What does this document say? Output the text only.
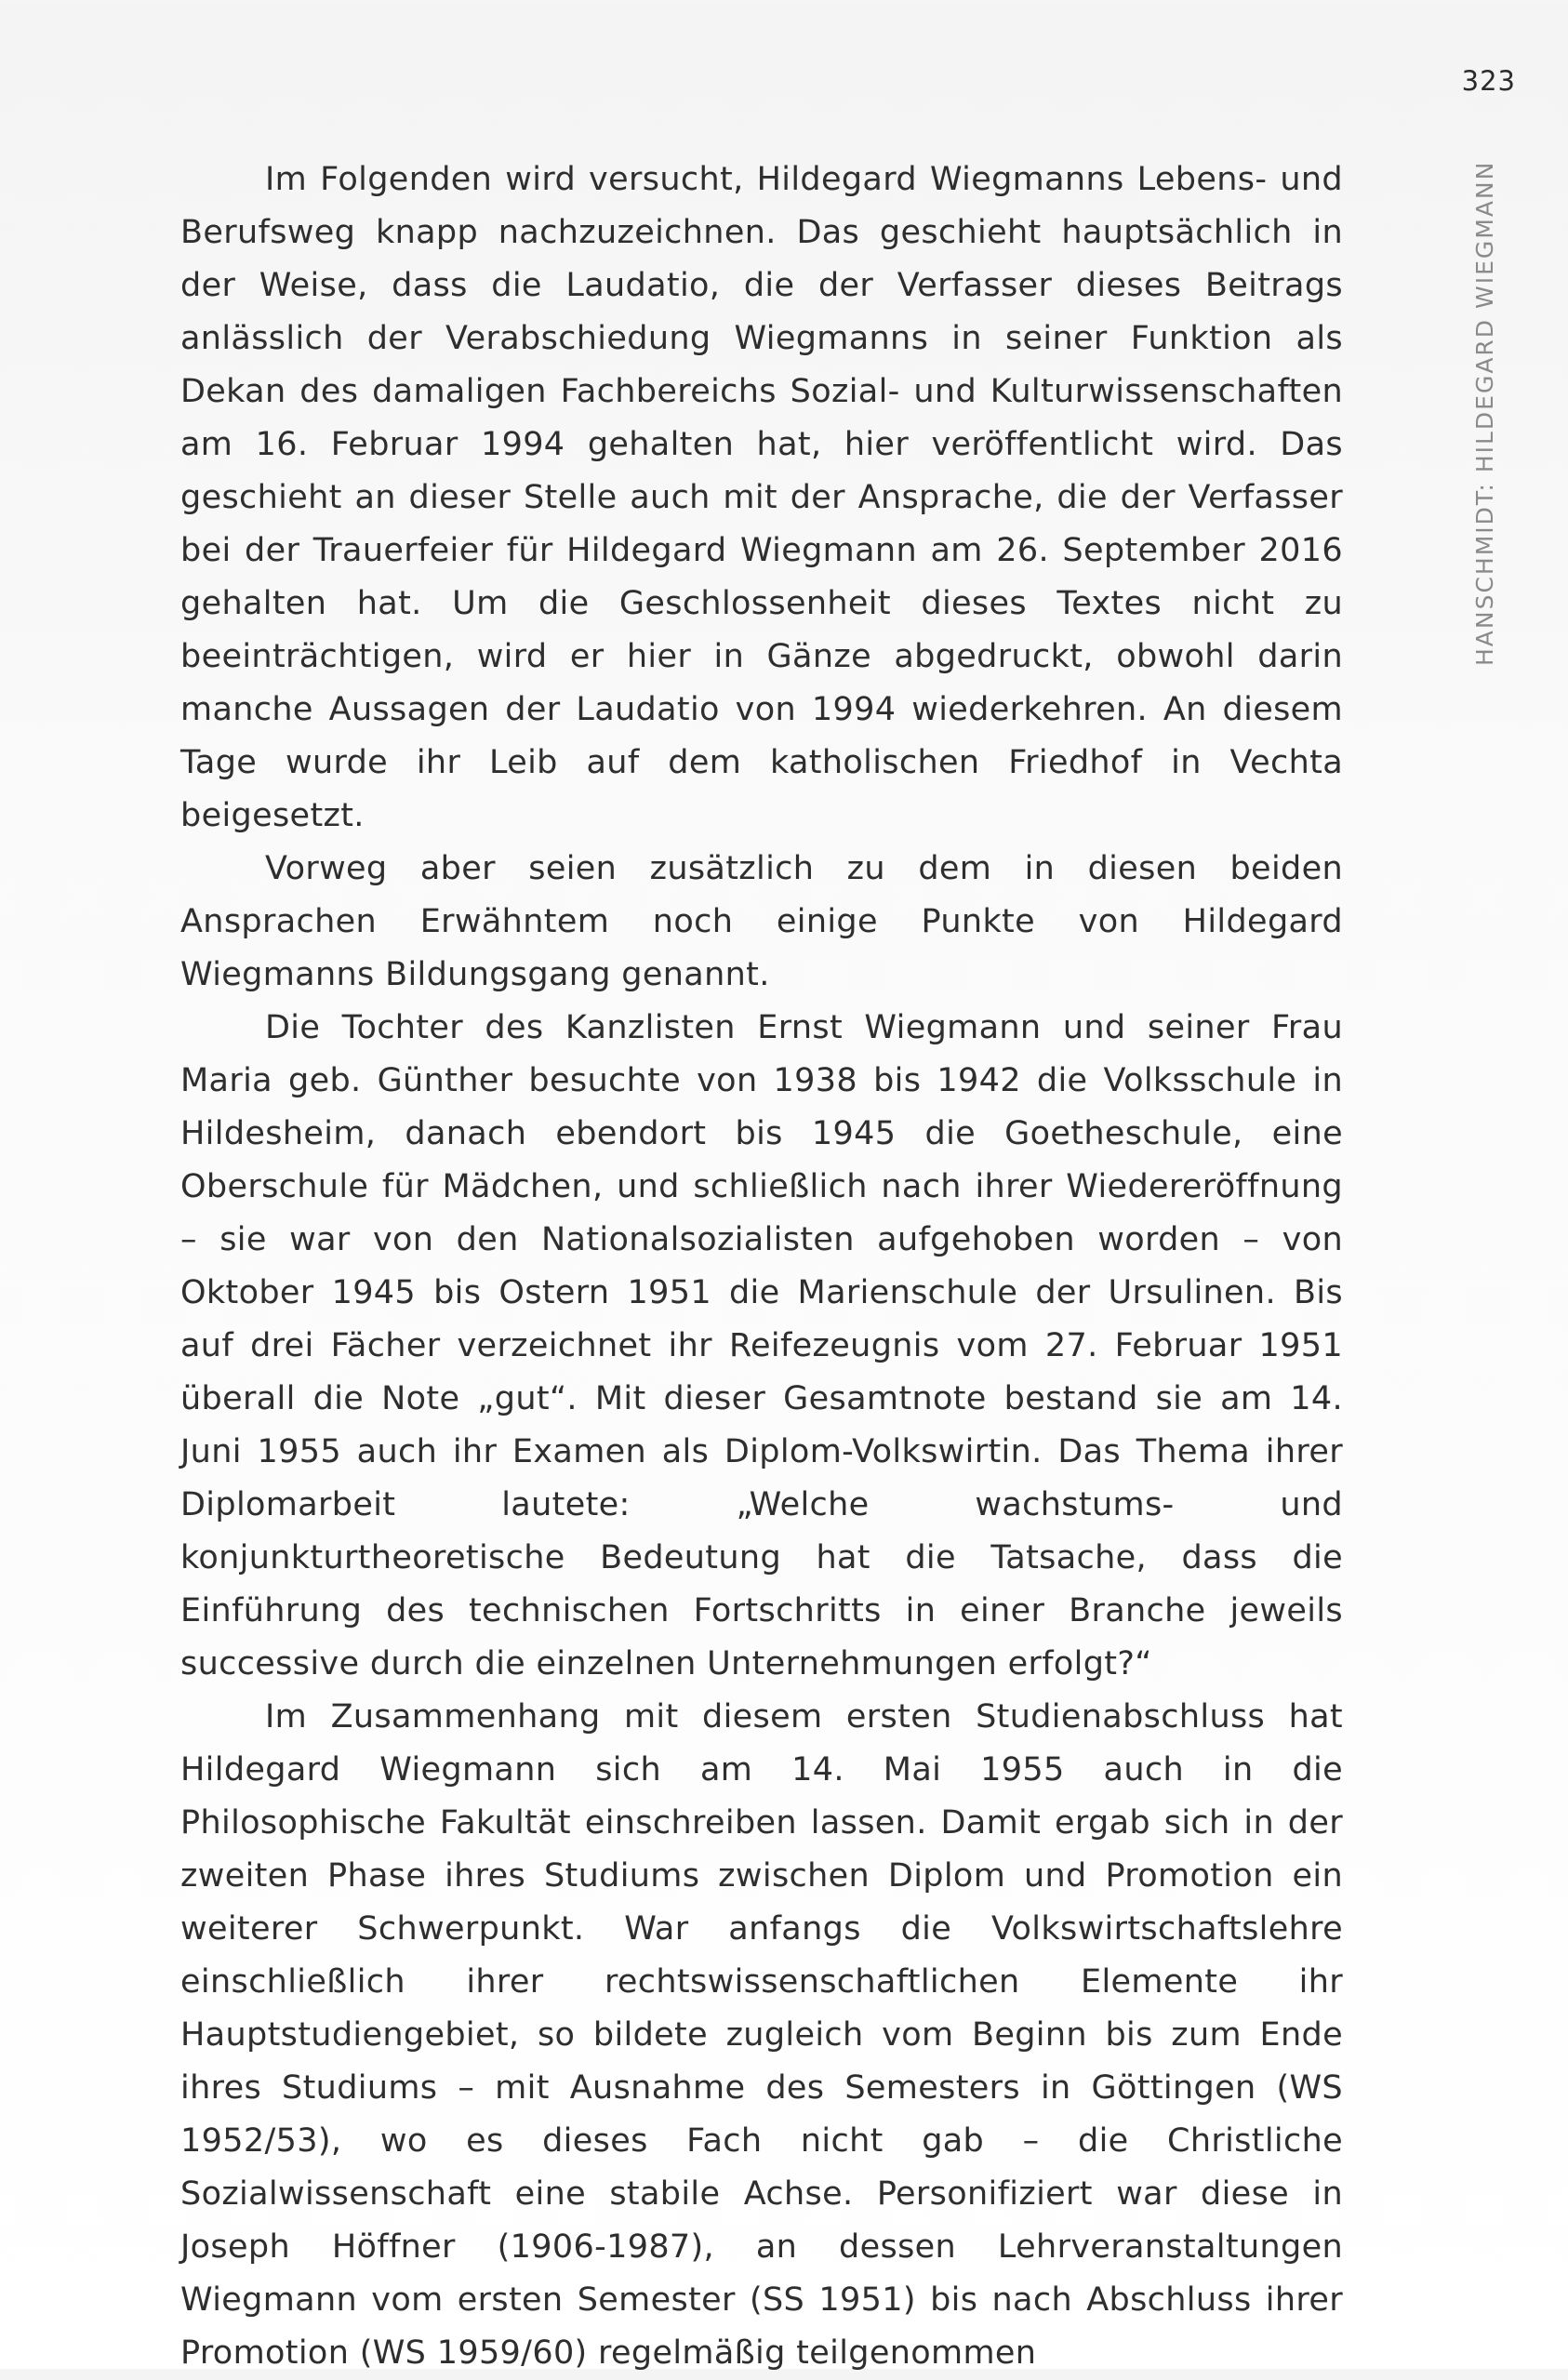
323
HANSCHMIDT: HILDEGARD WIEGMANN

Im Folgenden wird versucht, Hildegard Wiegmanns Lebens- und Berufsweg knapp nachzuzeichnen. Das geschieht hauptsächlich in der Weise, dass die Laudatio, die der Verfasser dieses Beitrags anlässlich der Verabschiedung Wiegmanns in seiner Funktion als Dekan des damaligen Fachbereichs Sozial- und Kulturwissenschaften am 16. Februar 1994 gehalten hat, hier veröffentlicht wird. Das geschieht an dieser Stelle auch mit der Ansprache, die der Verfasser bei der Trauerfeier für Hildegard Wiegmann am 26. September 2016 gehalten hat. Um die Geschlossenheit dieses Textes nicht zu beeinträchtigen, wird er hier in Gänze abgedruckt, obwohl darin manche Aussagen der Laudatio von 1994 wiederkehren. An diesem Tage wurde ihr Leib auf dem katholischen Friedhof in Vechta beigesetzt.

Vorweg aber seien zusätzlich zu dem in diesen beiden Ansprachen Erwähntem noch einige Punkte von Hildegard Wiegmanns Bildungsgang genannt.

Die Tochter des Kanzlisten Ernst Wiegmann und seiner Frau Maria geb. Günther besuchte von 1938 bis 1942 die Volksschule in Hildesheim, danach ebendort bis 1945 die Goetheschule, eine Oberschule für Mädchen, und schließlich nach ihrer Wiedereröffnung – sie war von den Nationalsozialisten aufgehoben worden – von Oktober 1945 bis Ostern 1951 die Marienschule der Ursulinen. Bis auf drei Fächer verzeichnet ihr Reifezeugnis vom 27. Februar 1951 überall die Note „gut“. Mit dieser Gesamtnote bestand sie am 14. Juni 1955 auch ihr Examen als Diplom-Volkswirtin. Das Thema ihrer Diplomarbeit lautete: „Welche wachstums- und konjunkturtheoretische Bedeutung hat die Tatsache, dass die Einführung des technischen Fortschritts in einer Branche jeweils successive durch die einzelnen Unternehmungen erfolgt?“

Im Zusammenhang mit diesem ersten Studienabschluss hat Hildegard Wiegmann sich am 14. Mai 1955 auch in die Philosophische Fakultät einschreiben lassen. Damit ergab sich in der zweiten Phase ihres Studiums zwischen Diplom und Promotion ein weiterer Schwerpunkt. War anfangs die Volkswirtschaftslehre einschließlich ihrer rechtswissenschaftlichen Elemente ihr Hauptstudiengebiet, so bildete zugleich vom Beginn bis zum Ende ihres Studiums – mit Ausnahme des Semesters in Göttingen (WS 1952/53), wo es dieses Fach nicht gab – die Christliche Sozialwissenschaft eine stabile Achse. Personifiziert war diese in Joseph Höffner (1906-1987), an dessen Lehrveranstaltungen Wiegmann vom ersten Semester (SS 1951) bis nach Abschluss ihrer Promotion (WS 1959/60) regelmäßig teilgenommen
